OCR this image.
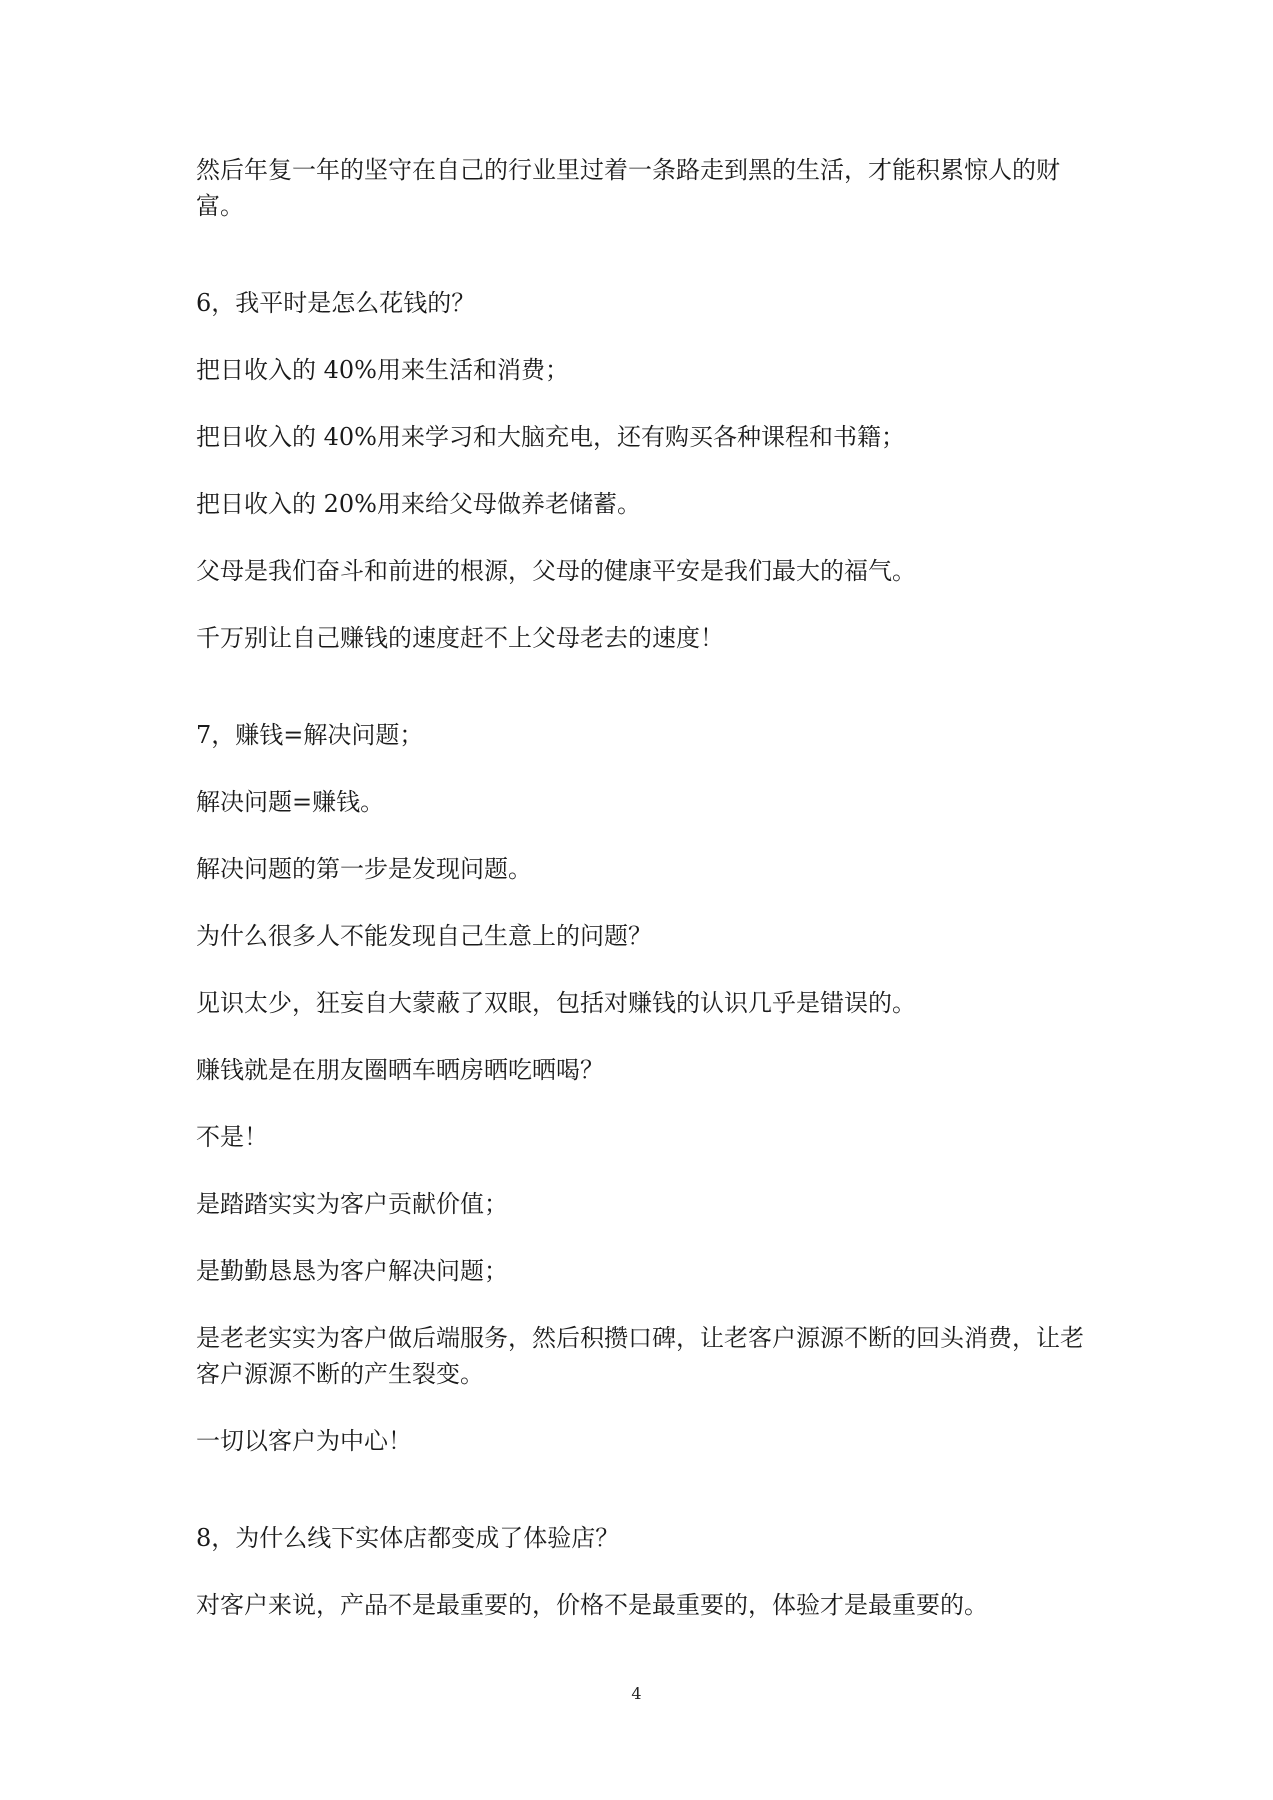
然后年复一年的坚守在自己的行业里过着一条路走到黑的生活，才能积累惊人的财富。

6，我平时是怎么花钱的？

把日收入的 40%用来生活和消费；

把日收入的 40%用来学习和大脑充电，还有购买各种课程和书籍；

把日收入的 20%用来给父母做养老储蓄。

父母是我们奋斗和前进的根源，父母的健康平安是我们最大的福气。

千万别让自己赚钱的速度赶不上父母老去的速度！

7，赚钱=解决问题；

解决问题=赚钱。

解决问题的第一步是发现问题。

为什么很多人不能发现自己生意上的问题？

见识太少，狂妄自大蒙蔽了双眼，包括对赚钱的认识几乎是错误的。

赚钱就是在朋友圈晒车晒房晒吃晒喝？

不是！

是踏踏实实为客户贡献价值；

是勤勤恳恳为客户解决问题；

是老老实实为客户做后端服务，然后积攒口碑，让老客户源源不断的回头消费，让老客户源源不断的产生裂变。

一切以客户为中心！

8，为什么线下实体店都变成了体验店？

对客户来说，产品不是最重要的，价格不是最重要的，体验才是最重要的。

4
